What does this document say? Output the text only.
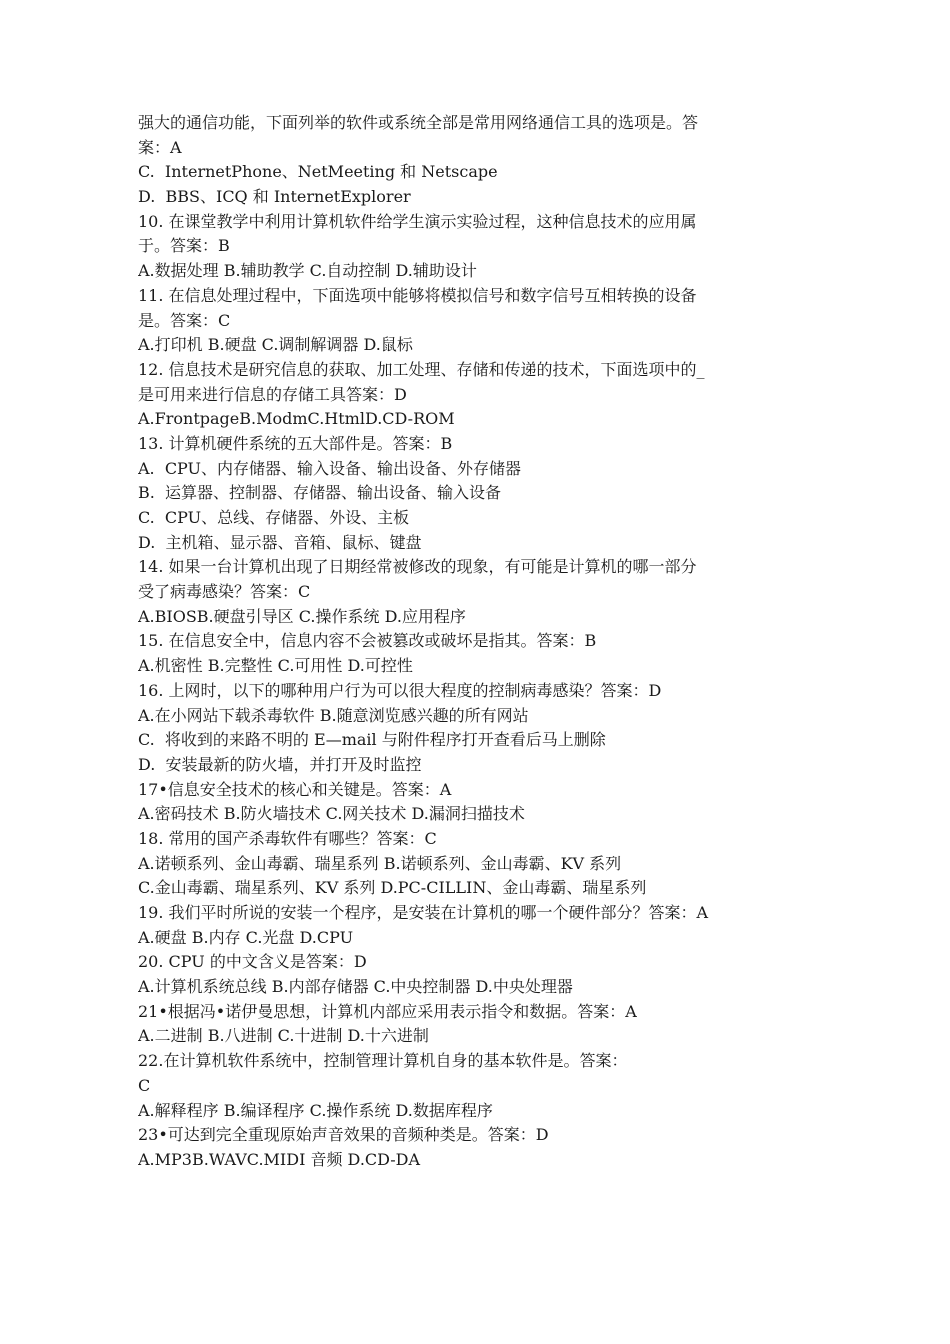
强大的通信功能，下面列举的软件或系统全部是常用网络通信工具的选项是。答
案：A
C.  InternetPhone、NetMeeting 和 Netscape
D.  BBS、ICQ 和 InternetExplorer
10. 在课堂教学中利用计算机软件给学生演示实验过程，这种信息技术的应用属
于。答案：B
A.数据处理 B.辅助教学 C.自动控制 D.辅助设计
11. 在信息处理过程中，下面选项中能够将模拟信号和数字信号互相转换的设备
是。答案：C
A.打印机 B.硬盘 C.调制解调器 D.鼠标
12. 信息技术是研究信息的获取、加工处理、存储和传递的技术，下面选项中的_
是可用来进行信息的存储工具答案：D
A.FrontpageB.ModmC.HtmlD.CD-ROM
13. 计算机硬件系统的五大部件是。答案：B
A.  CPU、内存储器、输入设备、输出设备、外存储器
B.  运算器、控制器、存储器、输出设备、输入设备
C.  CPU、总线、存储器、外设、主板
D.  主机箱、显示器、音箱、鼠标、键盘
14. 如果一台计算机出现了日期经常被修改的现象，有可能是计算机的哪一部分
受了病毒感染？答案：C
A.BIOSB.硬盘引导区 C.操作系统 D.应用程序
15. 在信息安全中，信息内容不会被篡改或破坏是指其。答案：B
A.机密性 B.完整性 C.可用性 D.可控性
16. 上网时，以下的哪种用户行为可以很大程度的控制病毒感染？答案：D
A.在小网站下载杀毒软件 B.随意浏览感兴趣的所有网站
C.  将收到的来路不明的 E—mail 与附件程序打开查看后马上删除
D.  安装最新的防火墙，并打开及时监控
17•信息安全技术的核心和关键是。答案：A
A.密码技术 B.防火墙技术 C.网关技术 D.漏洞扫描技术
18. 常用的国产杀毒软件有哪些？答案：C
A.诺顿系列、金山毒霸、瑞星系列 B.诺顿系列、金山毒霸、KV 系列
C.金山毒霸、瑞星系列、KV 系列 D.PC-CILLIN、金山毒霸、瑞星系列
19. 我们平时所说的安装一个程序，是安装在计算机的哪一个硬件部分？答案：A
A.硬盘 B.内存 C.光盘 D.CPU
20. CPU 的中文含义是答案：D
A.计算机系统总线 B.内部存储器 C.中央控制器 D.中央处理器
21•根据冯•诺伊曼思想，计算机内部应采用表示指令和数据。答案：A
A.二进制 B.八进制 C.十进制 D.十六进制
22.在计算机软件系统中，控制管理计算机自身的基本软件是。答案：
C
A.解释程序 B.编译程序 C.操作系统 D.数据库程序
23•可达到完全重现原始声音效果的音频种类是。答案：D
A.MP3B.WAVC.MIDI 音频 D.CD-DA
